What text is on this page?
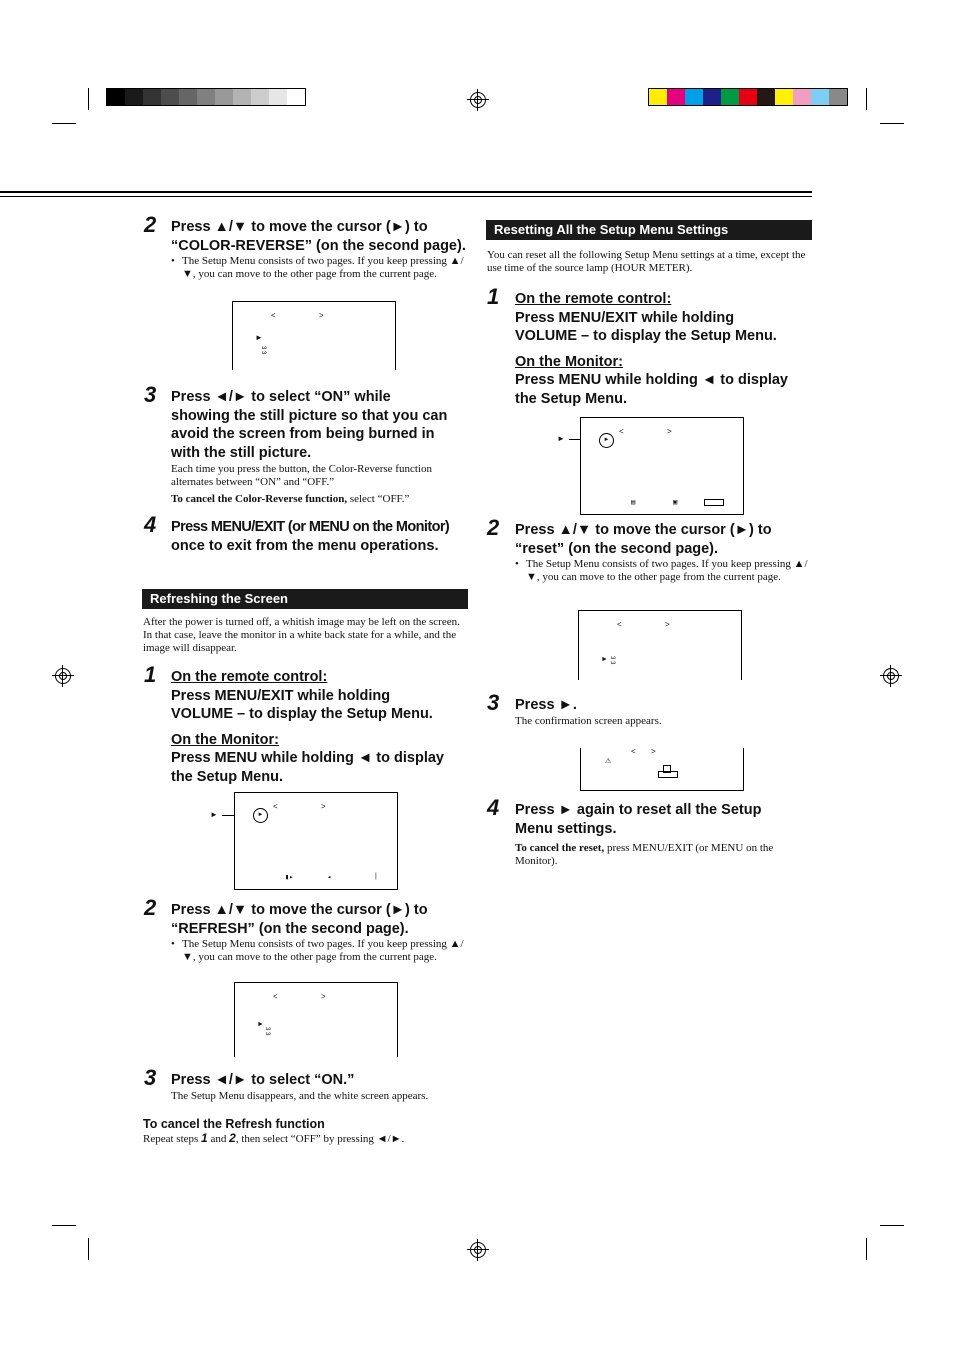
2 Press ▲/▼ to move the cursor (►) to
“COLOR-REVERSE” (on the second page).
• The Setup Menu consists of two pages. If you keep pressing ▲/▼, you can move to the other page from the current page.
<	>
►
3 3
3 Press ◄/► to select “ON” while
showing the still picture so that you can
avoid the screen from being burned in
with the still picture.
Each time you press the button, the Color-Reverse function alternates between “ON” and “OFF.”
To cancel the Color-Reverse function, select “OFF.”
4 Press MENU/EXIT (or MENU on the Monitor)
once to exit from the menu operations.
Refreshing the Screen
After the power is turned off, a whitish image may be left on the screen. In that case, leave the monitor in a white back state for a while, and the image will disappear.
1 On the remote control:
Press MENU/EXIT while holding
VOLUME – to display the Setup Menu.
On the Monitor:
Press MENU while holding ◄ to display
the Setup Menu.
►	►
<	>
▮▸	◂	|
2 Press ▲/▼ to move the cursor (►) to
“REFRESH” (on the second page).
• The Setup Menu consists of two pages. If you keep pressing ▲/▼, you can move to the other page from the current page.
<	>
►
3 3
3 Press ◄/► to select “ON.”
The Setup Menu disappears, and the white screen appears.
To cancel the Refresh function
Repeat steps 1 and 2, then select “OFF” by pressing ◄/►.
Resetting All the Setup Menu Settings
You can reset all the following Setup Menu settings at a time, except the use time of the source lamp (HOUR METER).
1 On the remote control:
Press MENU/EXIT while holding
VOLUME – to display the Setup Menu.
On the Monitor:
Press MENU while holding ◄ to display
the Setup Menu.
►	►
<	>
▤	▣
2 Press ▲/▼ to move the cursor (►) to
“reset” (on the second page).
• The Setup Menu consists of two pages. If you keep pressing ▲/▼, you can move to the other page from the current page.
<	>
► 3 3
3 Press ►.
The confirmation screen appears.
< >
⚠
4 Press ► again to reset all the Setup
Menu settings.
To cancel the reset, press MENU/EXIT (or MENU on the Monitor).
